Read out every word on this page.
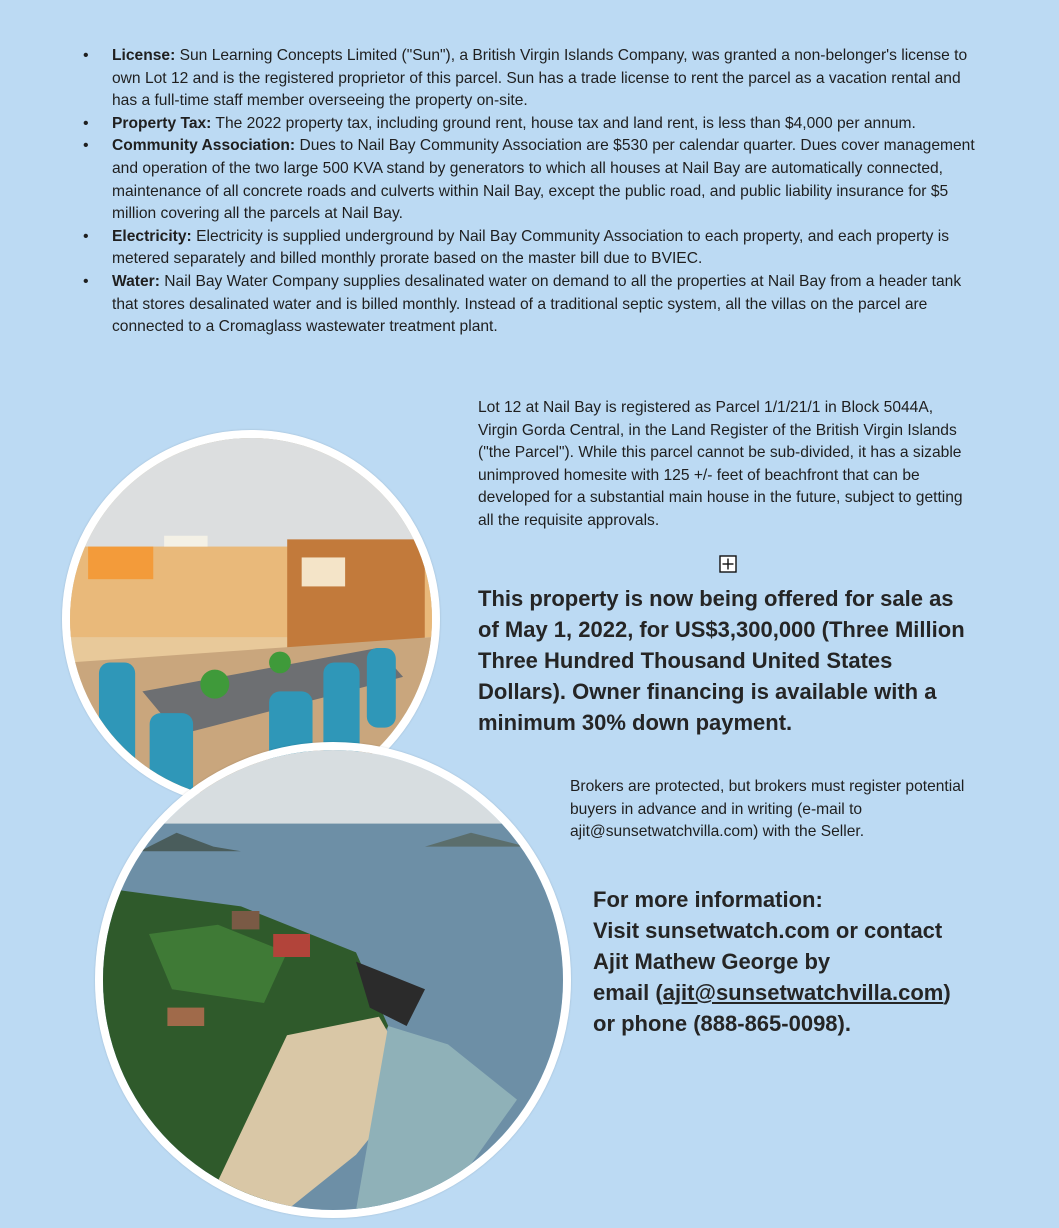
• License: Sun Learning Concepts Limited ("Sun"), a British Virgin Islands Company, was granted a non-belonger's license to own Lot 12 and is the registered proprietor of this parcel. Sun has a trade license to rent the parcel as a vacation rental and has a full-time staff member overseeing the property on-site.
• Property Tax: The 2022 property tax, including ground rent, house tax and land rent, is less than $4,000 per annum.
• Community Association: Dues to Nail Bay Community Association are $530 per calendar quarter. Dues cover management and operation of the two large 500 KVA stand by generators to which all houses at Nail Bay are automatically connected, maintenance of all concrete roads and culverts within Nail Bay, except the public road, and public liability insurance for $5 million covering all the parcels at Nail Bay.
• Electricity: Electricity is supplied underground by Nail Bay Community Association to each property, and each property is metered separately and billed monthly prorate based on the master bill due to BVIEC.
• Water: Nail Bay Water Company supplies desalinated water on demand to all the properties at Nail Bay from a header tank that stores desalinated water and is billed monthly. Instead of a traditional septic system, all the villas on the parcel are connected to a Cromaglass wastewater treatment plant.
Lot 12 at Nail Bay is registered as Parcel 1/1/21/1 in Block 5044A, Virgin Gorda Central, in the Land Register of the British Virgin Islands ("the Parcel"). While this parcel cannot be sub-divided, it has a sizable unimproved homesite with 125 +/- feet of beachfront that can be developed for a substantial main house in the future, subject to getting all the requisite approvals.
This property is now being offered for sale as of May 1, 2022, for US$3,300,000 (Three Million Three Hundred Thousand United States Dollars). Owner financing is available with a minimum 30% down payment.
Brokers are protected, but brokers must register potential buyers in advance and in writing (e-mail to ajit@sunsetwatchvilla.com) with the Seller.
For more information:
Visit sunsetwatch.com or contact
Ajit Mathew George by
email (ajit@sunsetwatchvilla.com)
or phone (888-865-0098).
